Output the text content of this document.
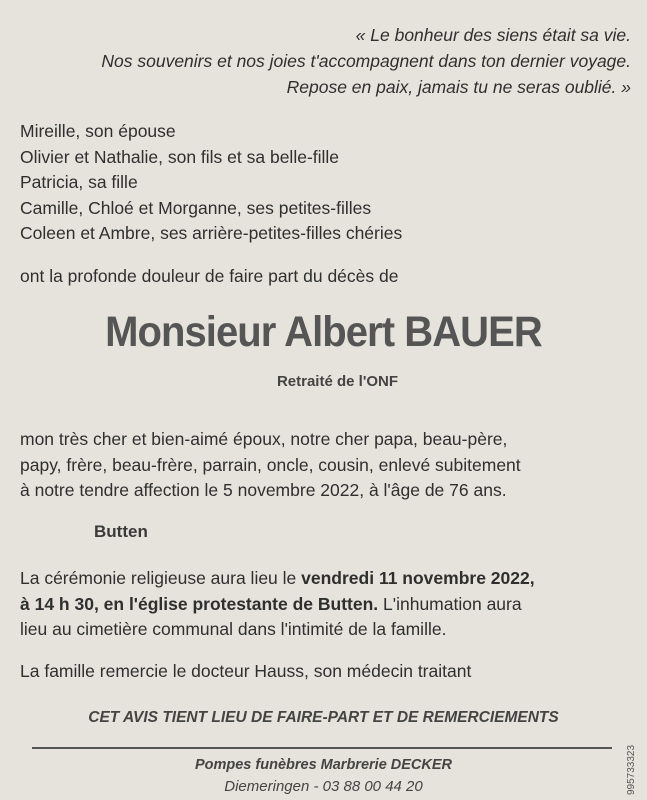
« Le bonheur des siens était sa vie.
Nos souvenirs et nos joies t'accompagnent dans ton dernier voyage.
Repose en paix, jamais tu ne seras oublié. »
Mireille, son épouse
Olivier et Nathalie, son fils et sa belle-fille
Patricia, sa fille
Camille, Chloé et Morganne, ses petites-filles
Coleen et Ambre, ses arrière-petites-filles chéries
ont la profonde douleur de faire part du décès de
Monsieur Albert BAUER
Retraité de l'ONF
mon très cher et bien-aimé époux, notre cher papa, beau-père,
papy, frère, beau-frère, parrain, oncle, cousin, enlevé subitement
à notre tendre affection le 5 novembre 2022, à l'âge de 76 ans.
Butten
La cérémonie religieuse aura lieu le vendredi 11 novembre 2022,
à 14 h 30, en l'église protestante de Butten. L'inhumation aura
lieu au cimetière communal dans l'intimité de la famille.
La famille remercie le docteur Hauss, son médecin traitant
CET AVIS TIENT LIEU DE FAIRE-PART ET DE REMERCIEMENTS
Pompes funèbres Marbrerie DECKER
Diemeringen - 03 88 00 44 20	995733323
